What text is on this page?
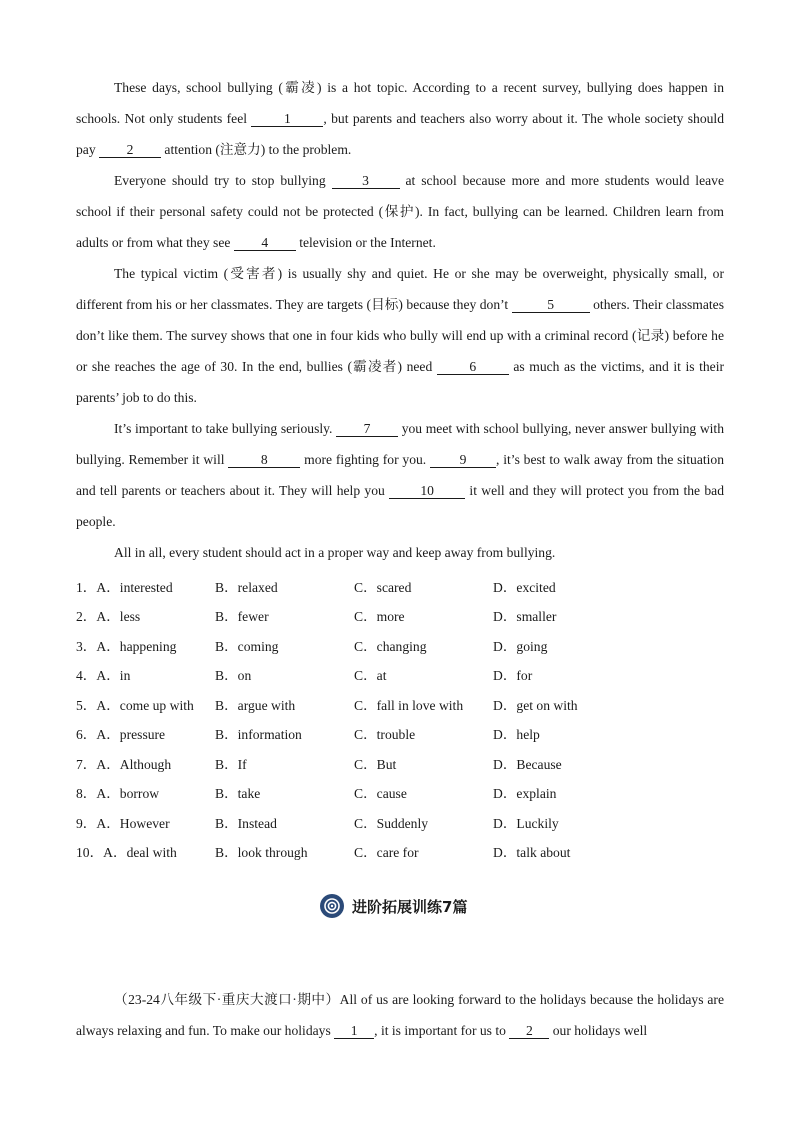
These days, school bullying (霸凌) is a hot topic. According to a recent survey, bullying does happen in schools. Not only students feel 1 , but parents and teachers also worry about it. The whole society should pay 2 attention (注意力) to the problem.

Everyone should try to stop bullying 3 at school because more and more students would leave school if their personal safety could not be protected (保护). In fact, bullying can be learned. Children learn from adults or from what they see 4 television or the Internet.

The typical victim (受害者) is usually shy and quiet. He or she may be overweight, physically small, or different from his or her classmates. They are targets (目标) because they don’t	5	others. Their classmates don’t like them. The survey shows that one in four kids who bully will end up with a criminal record (记录) before he or she reaches the age of 30. In the end, bullies (霸凌者) need 6 as much as the victims, and it is their parents’ job to do this.

It’s important to take bullying seriously. 7 you meet with school bullying, never answer bullying with bullying. Remember it will 8 more fighting for you. 9 , it’s best to walk away from the situation and tell parents or teachers about it. They will help you 10 it well and they will protect you from the bad people.

All in all, every student should act in a proper way and keep away from bullying.

1．A．interested	B．relaxed	C．scared	D．excited
2．A．less	B．fewer	C．more	D．smaller
3．A．happening	B．coming	C．changing	D．going
4．A．in	B．on	C．at	D．for
5．A．come up with	B．argue with	C．fall in love with	D．get on with
6．A．pressure	B．information	C．trouble	D．help
7．A．Although	B．If	C．But	D．Because
8．A．borrow	B．take	C．cause	D．explain
9．A．However	B．Instead	C．Suddenly	D．Luckily
10．A．deal with	B．look through	C．care for	D．talk about
进阶拓展训练7篇

（23-24八年级下·重庆大渡口·期中）All of us are looking forward to the holidays because the holidays are always relaxing and fun. To make our holidays 1 , it is important for us to 2 our holidays well
